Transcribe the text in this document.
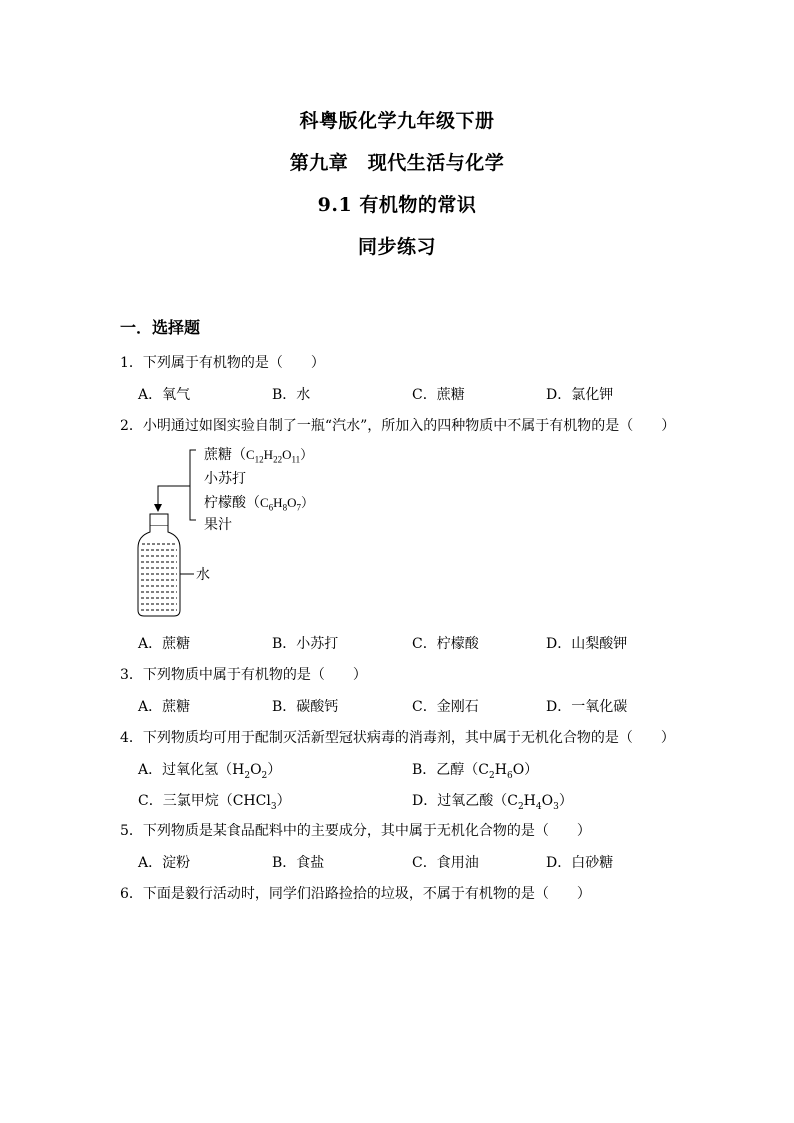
科粤版化学九年级下册
第九章　现代生活与化学
9.1 有机物的常识
同步练习
一．选择题
1．下列属于有机物的是（　　）
A．氧气	B．水	C．蔗糖	D．氯化钾
2．小明通过如图实验自制了一瓶“汽水”，所加入的四种物质中不属于有机物的是（　　）
蔗糖$(C_{12}H_{22}O_{11})$
小苏打
柠檬酸$(C_6H_8O_7)$
果汁
水
A．蔗糖	B．小苏打	C．柠檬酸	D．山梨酸钾
3．下列物质中属于有机物的是（　　）
A．蔗糖	B．碳酸钙	C．金刚石	D．一氧化碳
4．下列物质均可用于配制灭活新型冠状病毒的消毒剂，其中属于无机化合物的是（　　）
A．过氧化氢$(H_2O_2)$	B．乙醇$(C_2H_6O)$
C．三氯甲烷（CHCl$_3$）	D．过氧乙酸$(C_2H_4O_3)$
5．下列物质是某食品配料中的主要成分，其中属于无机化合物的是（　　）
A．淀粉	B．食盐	C．食用油	D．白砂糖
6．下面是毅行活动时，同学们沿路捡拾的垃圾，不属于有机物的是（　　）
